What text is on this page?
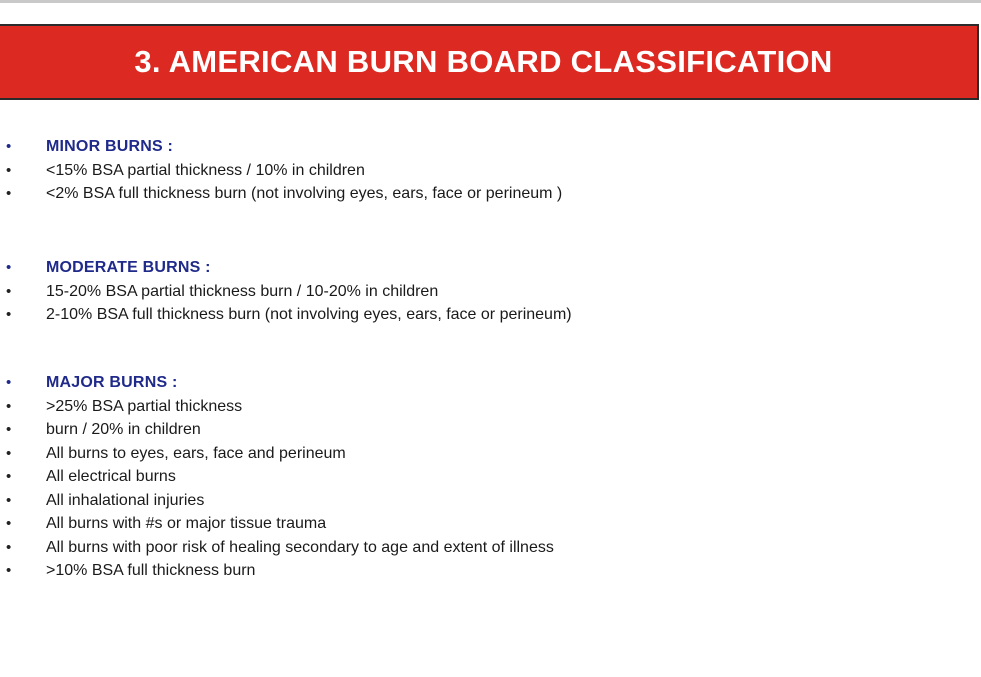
3. AMERICAN BURN BOARD CLASSIFICATION
• MINOR BURNS :
• <15% BSA partial thickness / 10% in children
• <2% BSA full thickness burn (not involving eyes, ears, face or perineum )
• MODERATE BURNS :
• 15-20% BSA partial thickness burn / 10-20% in children
• 2-10% BSA full thickness burn (not involving eyes, ears, face or perineum)
• MAJOR BURNS :
• >25% BSA partial thickness
• burn / 20% in children
• All burns to eyes, ears, face and perineum
• All electrical burns
• All inhalational injuries
• All burns with #s or major tissue trauma
• All burns with poor risk of healing secondary to age and extent of illness
• >10% BSA full thickness burn
